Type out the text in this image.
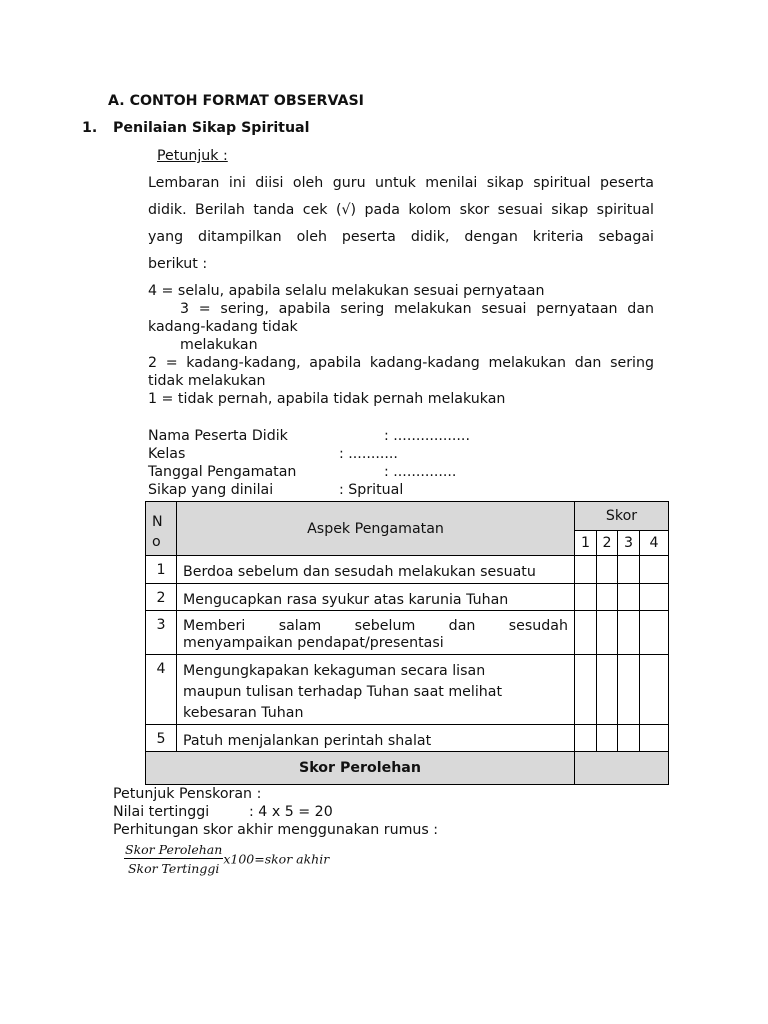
A. CONTOH FORMAT OBSERVASI
1. Penilaian Sikap Spiritual
Petunjuk :
Lembaran ini diisi oleh guru untuk menilai sikap spiritual peserta
didik. Berilah tanda cek (√) pada kolom skor sesuai sikap spiritual
yang ditampilkan oleh peserta didik, dengan kriteria sebagai
berikut :
4 = selalu, apabila selalu melakukan sesuai pernyataan
3 = sering, apabila sering melakukan sesuai pernyataan dan
kadang-kadang tidak
melakukan
2 = kadang-kadang, apabila kadang-kadang melakukan dan sering
tidak melakukan
1 = tidak pernah, apabila tidak pernah melakukan
Nama Peserta Didik	: .................
Kelas	: ...........
Tanggal Pengamatan	: ..............
Sikap yang dinilai	: Spritual
N
o	Aspek Pengamatan	Skor			
		1	2	3	4
1	Berdoa sebelum dan sesudah melakukan sesuatu				
2	Mengucapkan rasa syukur atas karunia Tuhan				
3	Memberi salam sebelum dan sesudah
menyampaikan pendapat/presentasi				

4	Mengungkapakan kekaguman secara lisan
maupun tulisan terhadap Tuhan saat melihat
kebesaran Tuhan				

5	Patuh menjalankan perintah shalat				
Skor Perolehan					
Petunjuk Penskoran :
Nilai tertinggi	: 4 x 5 = 20
Perhitungan skor akhir menggunakan rumus :
$\frac{\text{Skor Perolehan}}{\text{Skor Tertinggi}}$ x100=skor akhir
